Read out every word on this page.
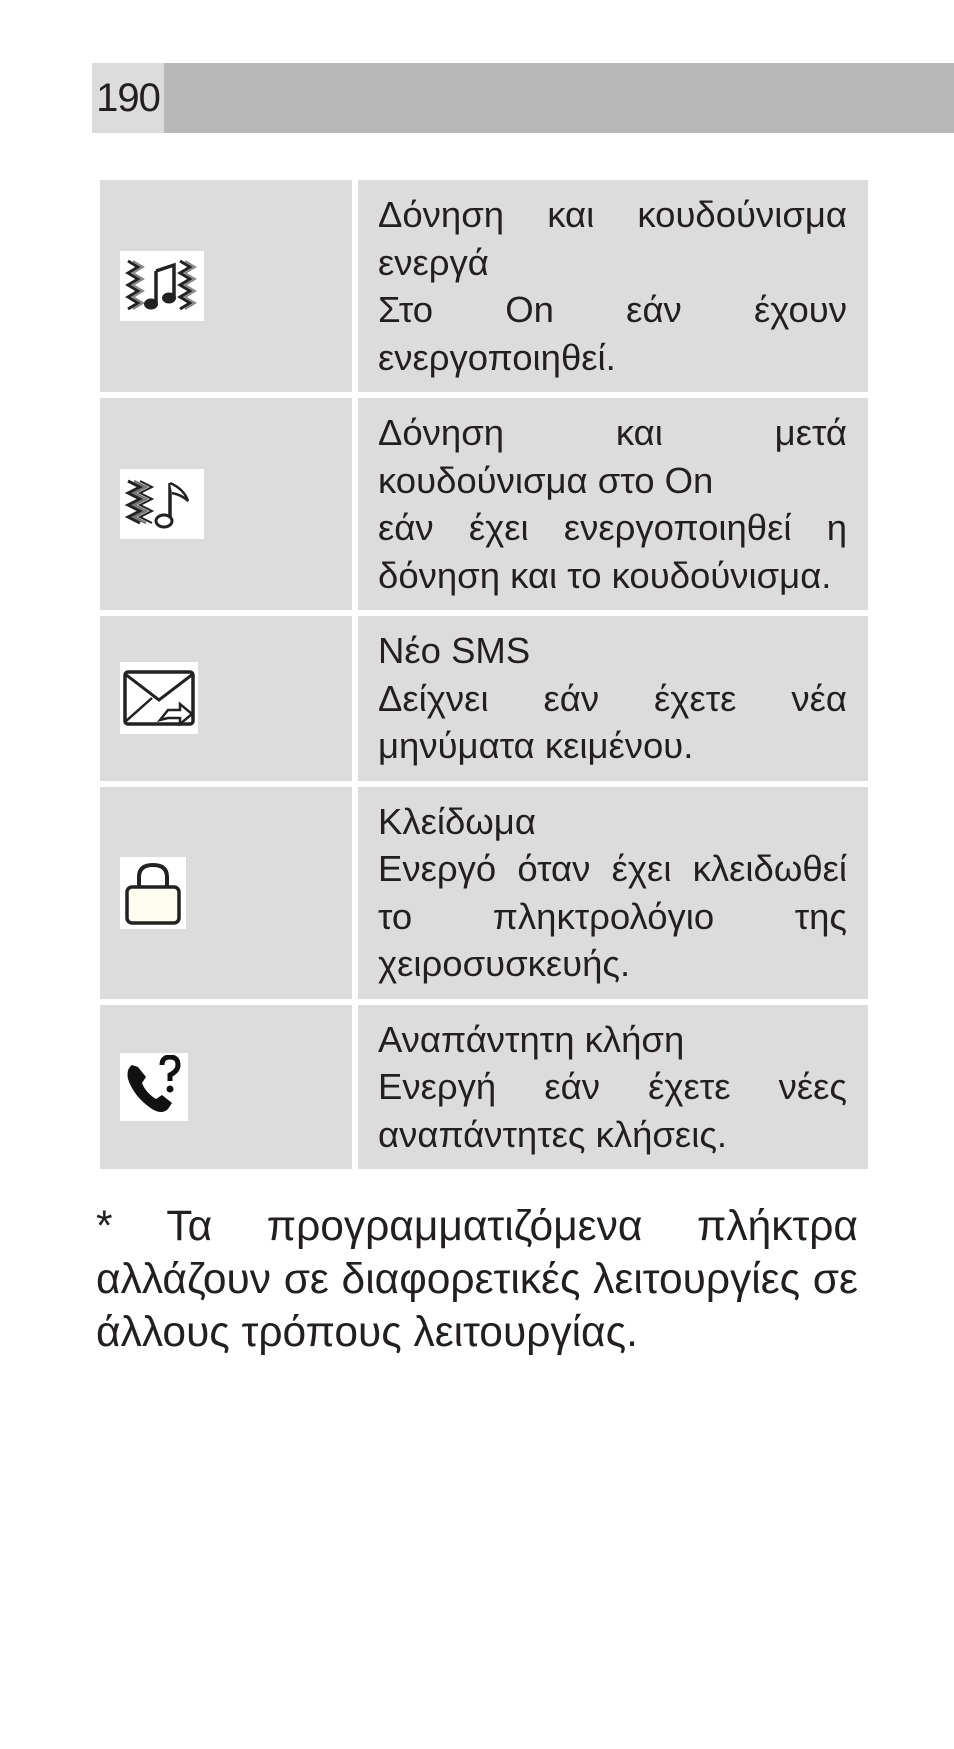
190
Δόνηση και κουδούνισμα ενεργά
Στο On εάν έχουν ενεργοποιηθεί.
Δόνηση και μετά κουδούνισμα στο On
εάν έχει ενεργοποιηθεί η δόνηση και το κουδούνισμα.
Νέο SMS
Δείχνει εάν έχετε νέα μηνύματα κειμένου.
Κλείδωμα
Ενεργό όταν έχει κλειδωθεί το πληκτρολόγιο της χειροσυσκευής.
Αναπάντητη κλήση
Ενεργή εάν έχετε νέες αναπάντητες κλήσεις.
* Τα προγραμματιζόμενα πλήκτρα αλλάζουν σε διαφορετικές λειτουργίες σε άλλους τρόπους λειτουργίας.
